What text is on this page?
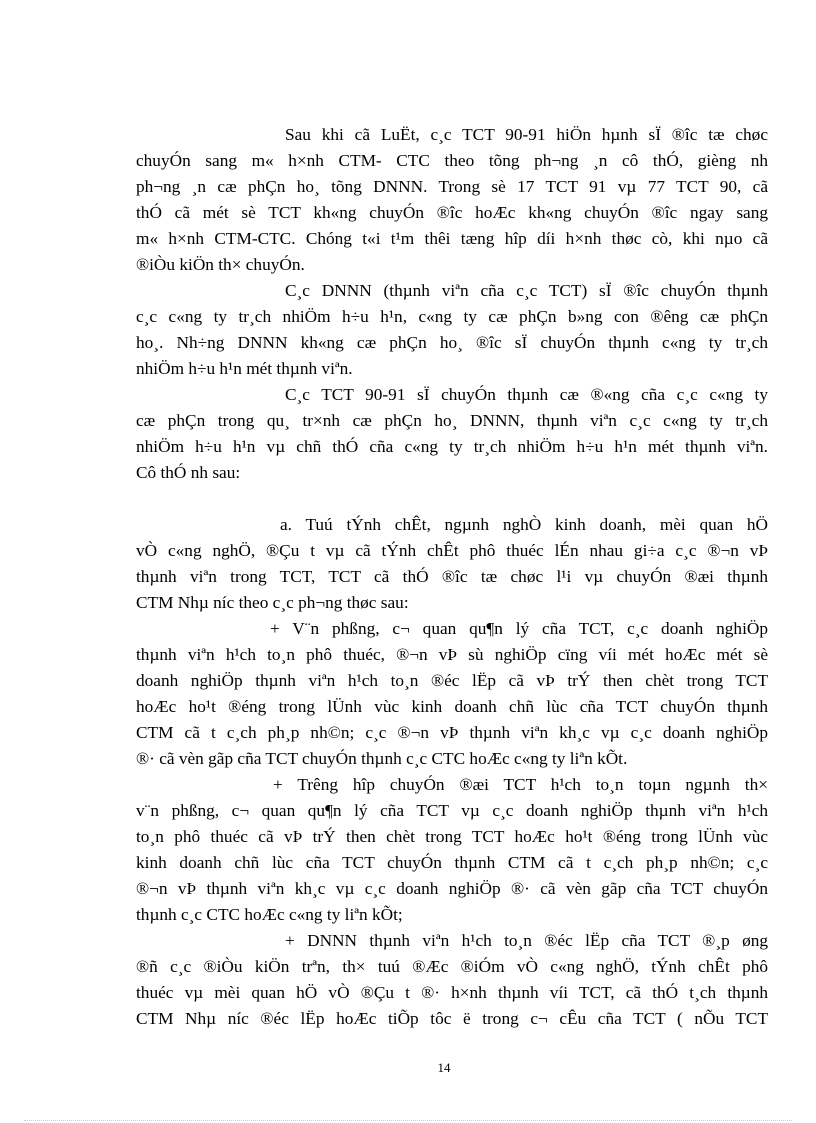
Sau khi cã LuËt, c¸c TCT 90-91 hiÖn hµnh sÏ ®îc tæ chøc
chuyÓn sang m« h×nh CTM- CTC theo tõng ph¬ng ¸n cô thÓ, gièng nh
ph¬ng ¸n cæ phÇn ho¸ tõng DNNN. Trong sè 17 TCT 91 vµ 77 TCT 90, cã
thÓ cã mét sè TCT kh«ng chuyÓn ®îc hoÆc kh«ng chuyÓn ®îc ngay sang
m« h×nh CTM-CTC. Chóng t«i t¹m thêi tæng hîp díi h×nh thøc cò, khi nµo cã
®iÒu kiÖn th× chuyÓn.
C¸c DNNN (thµnh viªn cña c¸c TCT) sÏ ®îc chuyÓn thµnh
c¸c c«ng ty tr¸ch nhiÖm h÷u h¹n, c«ng ty cæ phÇn b»ng con ®êng cæ phÇn
ho¸. Nh÷ng DNNN kh«ng cæ phÇn ho¸ ®îc sÏ chuyÓn thµnh c«ng ty tr¸ch
nhiÖm h÷u h¹n mét thµnh viªn.
C¸c TCT 90-91 sÏ chuyÓn thµnh cæ ®«ng cña c¸c c«ng ty
cæ phÇn trong qu¸ tr×nh cæ phÇn ho¸ DNNN, thµnh viªn c¸c c«ng ty tr¸ch
nhiÖm h÷u h¹n vµ chñ thÓ cña c«ng ty tr¸ch nhiÖm h÷u h¹n mét thµnh viªn.
Cô thÓ nh sau:
a. Tuú tÝnh chÊt, ngµnh nghÒ kinh doanh, mèi quan hÖ
vÒ c«ng nghÖ, ®Çu t vµ cã tÝnh chÊt phô thuéc lÉn nhau gi÷a c¸c ®¬n vÞ
thµnh viªn trong TCT, TCT cã thÓ ®îc tæ chøc l¹i vµ chuyÓn ®æi thµnh
CTM Nhµ níc theo c¸c ph¬ng thøc sau:
+ V¨n phßng, c¬ quan qu¶n lý cña TCT, c¸c doanh nghiÖp
thµnh viªn h¹ch to¸n phô thuéc, ®¬n vÞ sù nghiÖp cïng víi mét hoÆc mét sè
doanh nghiÖp thµnh viªn h¹ch to¸n ®éc lËp cã vÞ trÝ then chèt trong TCT
hoÆc ho¹t ®éng trong lÜnh vùc kinh doanh chñ lùc cña TCT chuyÓn thµnh
CTM cã t c¸ch ph¸p nh©n; c¸c ®¬n vÞ thµnh viªn kh¸c vµ c¸c doanh nghiÖp
®· cã vèn gãp cña TCT chuyÓn thµnh c¸c CTC hoÆc c«ng ty liªn kÕt.
+ Trêng hîp chuyÓn ®æi TCT h¹ch to¸n toµn ngµnh th×
v¨n phßng, c¬ quan qu¶n lý cña TCT vµ c¸c doanh nghiÖp thµnh viªn h¹ch
to¸n phô thuéc cã vÞ trÝ then chèt trong TCT hoÆc ho¹t ®éng trong lÜnh vùc
kinh doanh chñ lùc cña TCT chuyÓn thµnh CTM cã t c¸ch ph¸p nh©n; c¸c
®¬n vÞ thµnh viªn kh¸c vµ c¸c doanh nghiÖp ®· cã vèn gãp cña TCT chuyÓn
thµnh c¸c CTC hoÆc c«ng ty liªn kÕt;
+ DNNN thµnh viªn h¹ch to¸n ®éc lËp cña TCT ®¸p øng
®ñ c¸c ®iÒu kiÖn trªn, th× tuú ®Æc ®iÓm vÒ c«ng nghÖ, tÝnh chÊt phô
thuéc vµ mèi quan hÖ vÒ ®Çu t ®· h×nh thµnh víi TCT, cã thÓ t¸ch thµnh
CTM Nhµ níc ®éc lËp hoÆc tiÕp tôc ë trong c¬ cÊu cña TCT ( nÕu TCT
14
